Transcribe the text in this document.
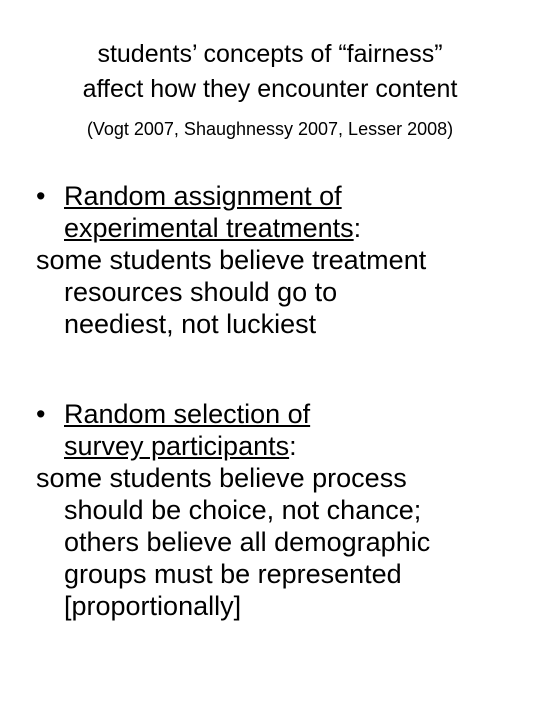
students’ concepts of “fairness”
affect how they encounter content
(Vogt 2007, Shaughnessy 2007, Lesser 2008)
• Random assignment of
experimental treatments:
some students believe treatment
resources should go to
neediest, not luckiest
• Random selection of
survey participants:
some students believe process
should be choice, not chance;
others believe all demographic
groups must be represented
[proportionally]
